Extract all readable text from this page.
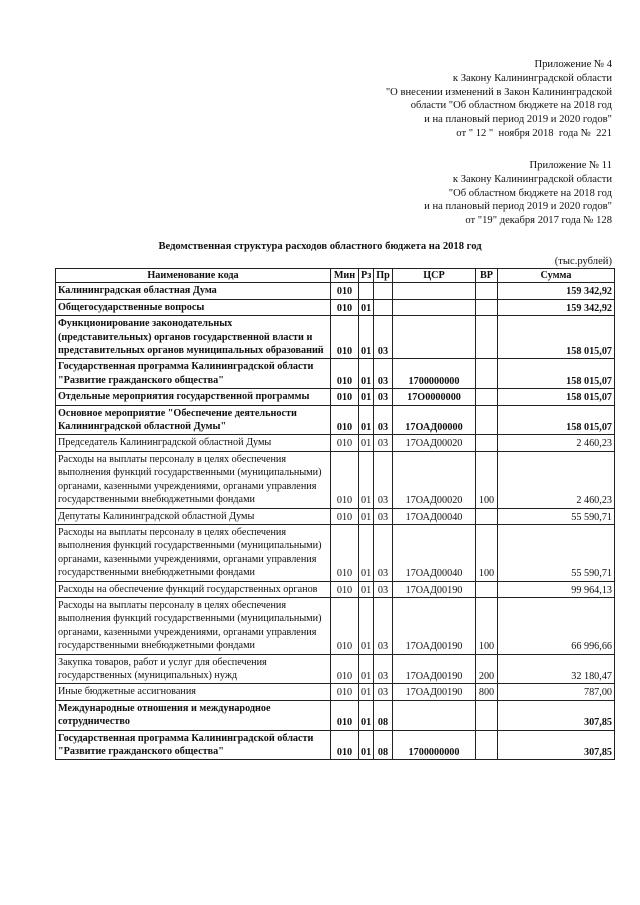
Приложение № 4
к Закону Калининградской области
"О внесении изменений в Закон Калининградской
области "Об областном бюджете на 2018 год
и на плановый период 2019 и 2020 годов"
от " 12 "  ноября 2018  года №  221
Приложение № 11
к Закону Калининградской области
"Об областном бюджете на 2018 год
и на плановый период 2019 и 2020 годов"
от "19" декабря 2017 года № 128
Ведомственная структура расходов областного бюджета на 2018 год
(тыс.рублей)
Наименование кода	Мин	Рз	Пр	ЦСР	ВР	Сумма
Калининградская областная Дума	010					159 342,92
Общегосударственные вопросы	010	01				159 342,92
Функционирование законодательных (представительных) органов государственной власти и представительных органов муниципальных образований	010	01	03			158 015,07
Государственная программа Калининградской области "Развитие гражданского общества"	010	01	03	1700000000		158 015,07
Отдельные мероприятия государственной программы	010	01	03	17О0000000		158 015,07
Основное мероприятие "Обеспечение деятельности Калининградской областной Думы"	010	01	03	17ОАД00000		158 015,07
Председатель Калининградской областной Думы	010	01	03	17ОАД00020		2 460,23
Расходы на выплаты персоналу в целях обеспечения выполнения функций государственными (муниципальными) органами, казенными учреждениями, органами управления государственными внебюджетными фондами	010	01	03	17ОАД00020	100	2 460,23
Депутаты Калининградской областной Думы	010	01	03	17ОАД00040		55 590,71
Расходы на выплаты персоналу в целях обеспечения выполнения функций государственными (муниципальными) органами, казенными учреждениями, органами управления государственными внебюджетными фондами	010	01	03	17ОАД00040	100	55 590,71
Расходы на обеспечение функций государственных органов	010	01	03	17ОАД00190		99 964,13
Расходы на выплаты персоналу в целях обеспечения выполнения функций государственными (муниципальными) органами, казенными учреждениями, органами управления государственными внебюджетными фондами	010	01	03	17ОАД00190	100	66 996,66
Закупка товаров, работ и услуг для обеспечения государственных (муниципальных) нужд	010	01	03	17ОАД00190	200	32 180,47
Иные бюджетные ассигнования	010	01	03	17ОАД00190	800	787,00
Международные отношения и международное сотрудничество	010	01	08			307,85
Государственная программа Калининградской области "Развитие гражданского общества"	010	01	08	1700000000		307,85
